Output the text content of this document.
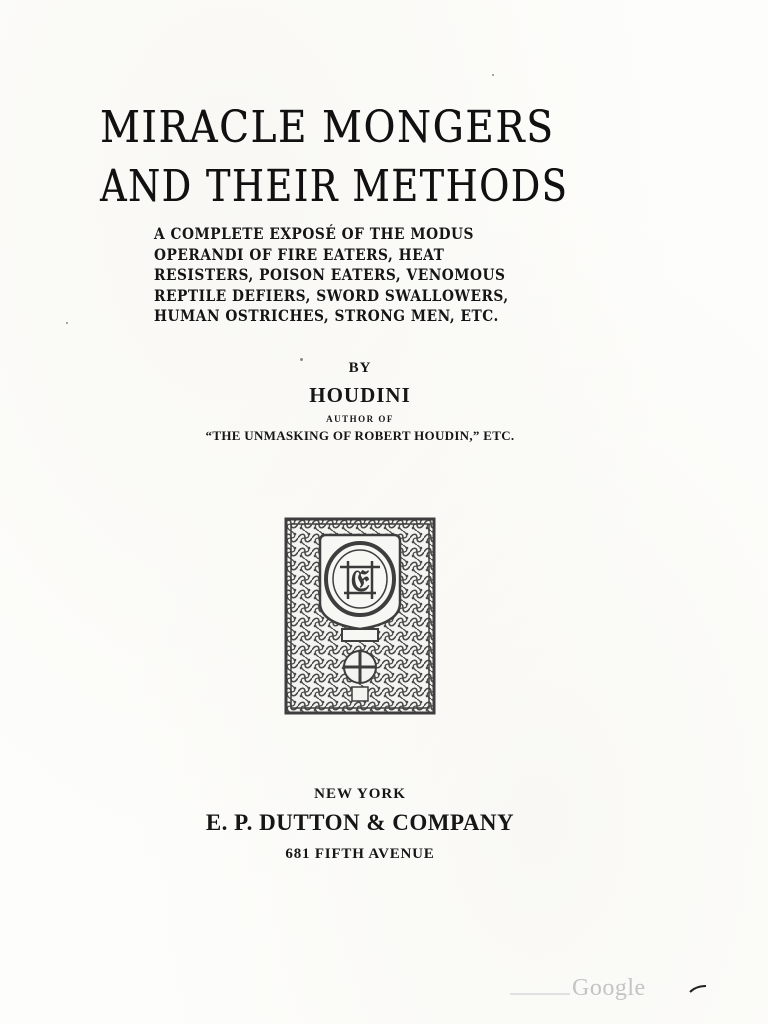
MIRACLE MONGERS
AND THEIR METHODS

A COMPLETE EXPOSÉ OF THE MODUS
OPERANDI OF FIRE EATERS, HEAT
RESISTERS, POISON EATERS, VENOMOUS
REPTILE DEFIERS, SWORD SWALLOWERS,
HUMAN OSTRICHES, STRONG MEN, ETC.

BY
HOUDINI
AUTHOR OF
“THE UNMASKING OF ROBERT HOUDIN,” ETC.
𝔈
NEW YORK
E. P. DUTTON & COMPANY
681 FIFTH AVENUE
Google
